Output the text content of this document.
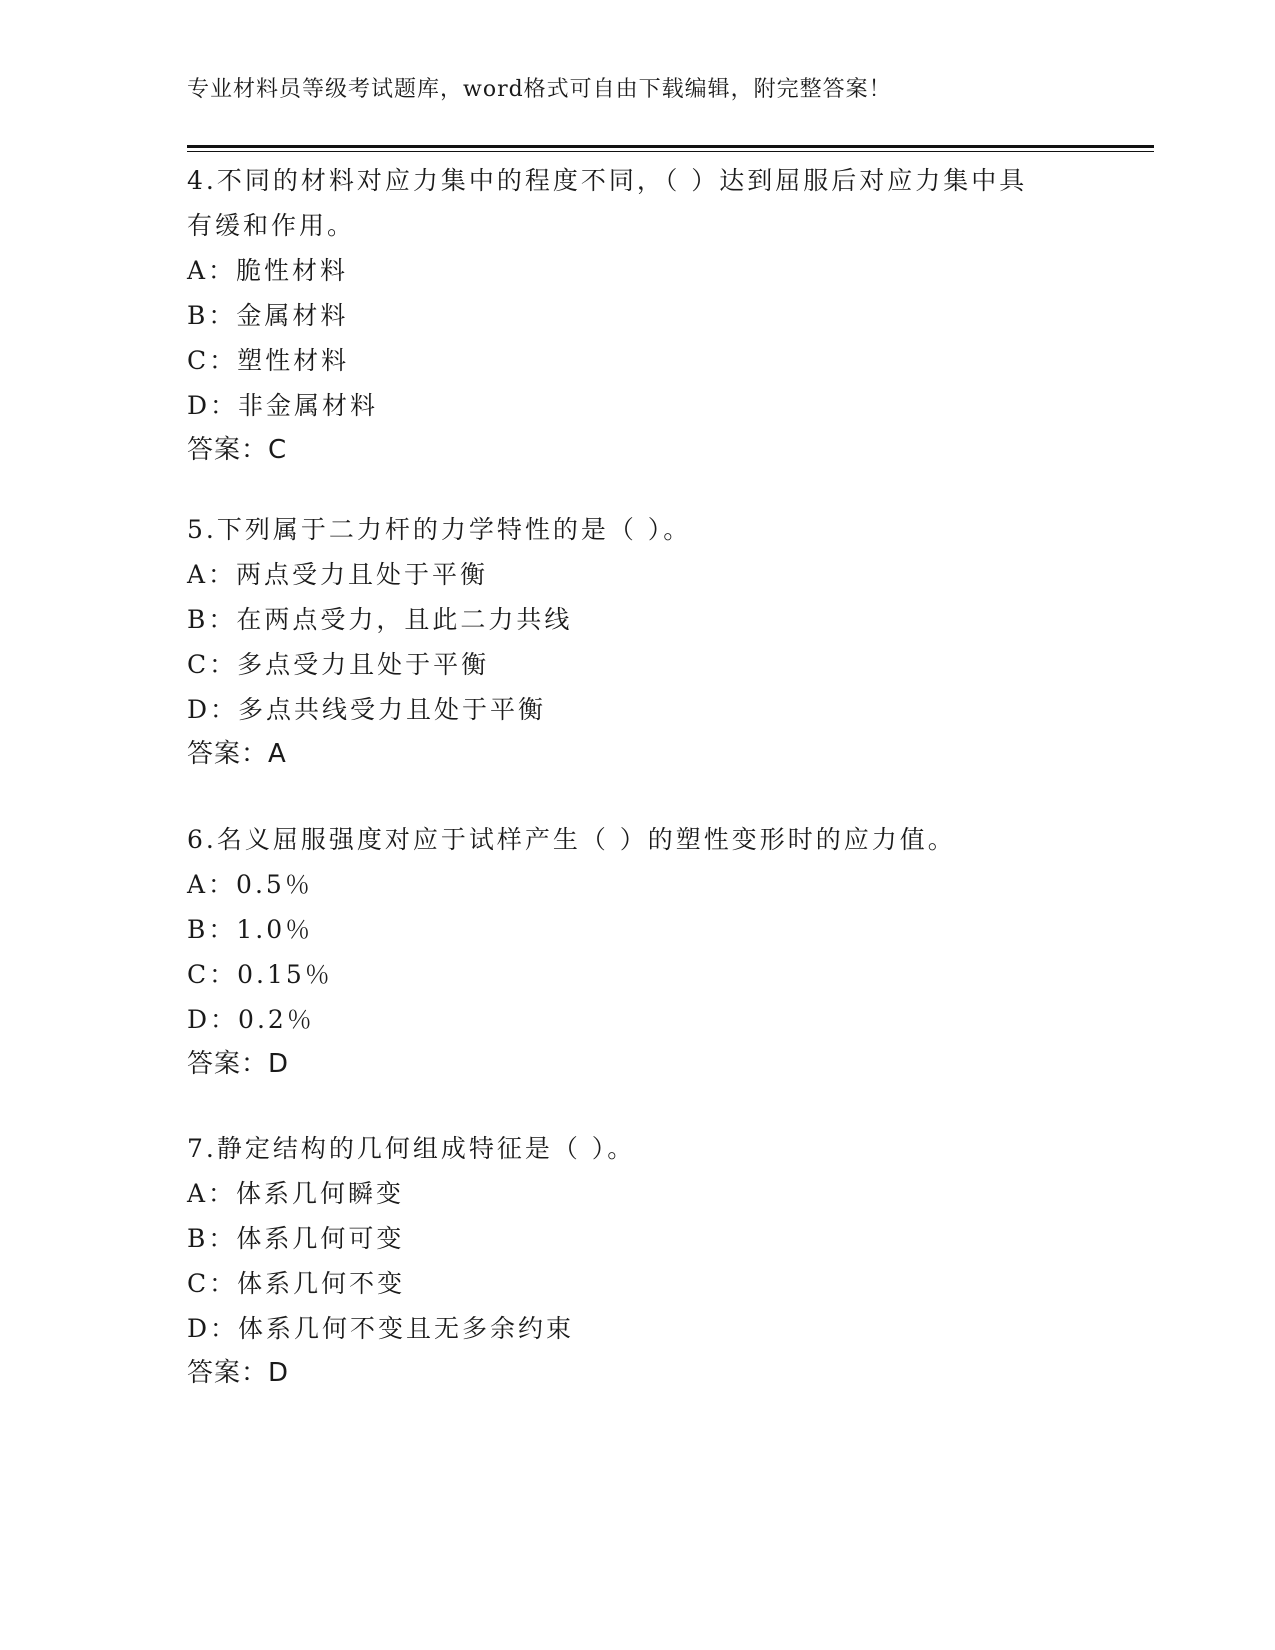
专业材料员等级考试题库，word格式可自由下载编辑，附完整答案！
4.不同的材料对应力集中的程度不同，（ ）达到屈服后对应力集中具
有缓和作用。
A：脆性材料
B：金属材料
C：塑性材料
D：非金属材料
答案：C
5.下列属于二力杆的力学特性的是（ ）。
A：两点受力且处于平衡
B：在两点受力，且此二力共线
C：多点受力且处于平衡
D：多点共线受力且处于平衡
答案：A
6.名义屈服强度对应于试样产生（ ）的塑性变形时的应力值。
A：0.5％
B：1.0％
C：0.15％
D：0.2％
答案：D
7.静定结构的几何组成特征是（ ）。
A：体系几何瞬变
B：体系几何可变
C：体系几何不变
D：体系几何不变且无多余约束
答案：D
